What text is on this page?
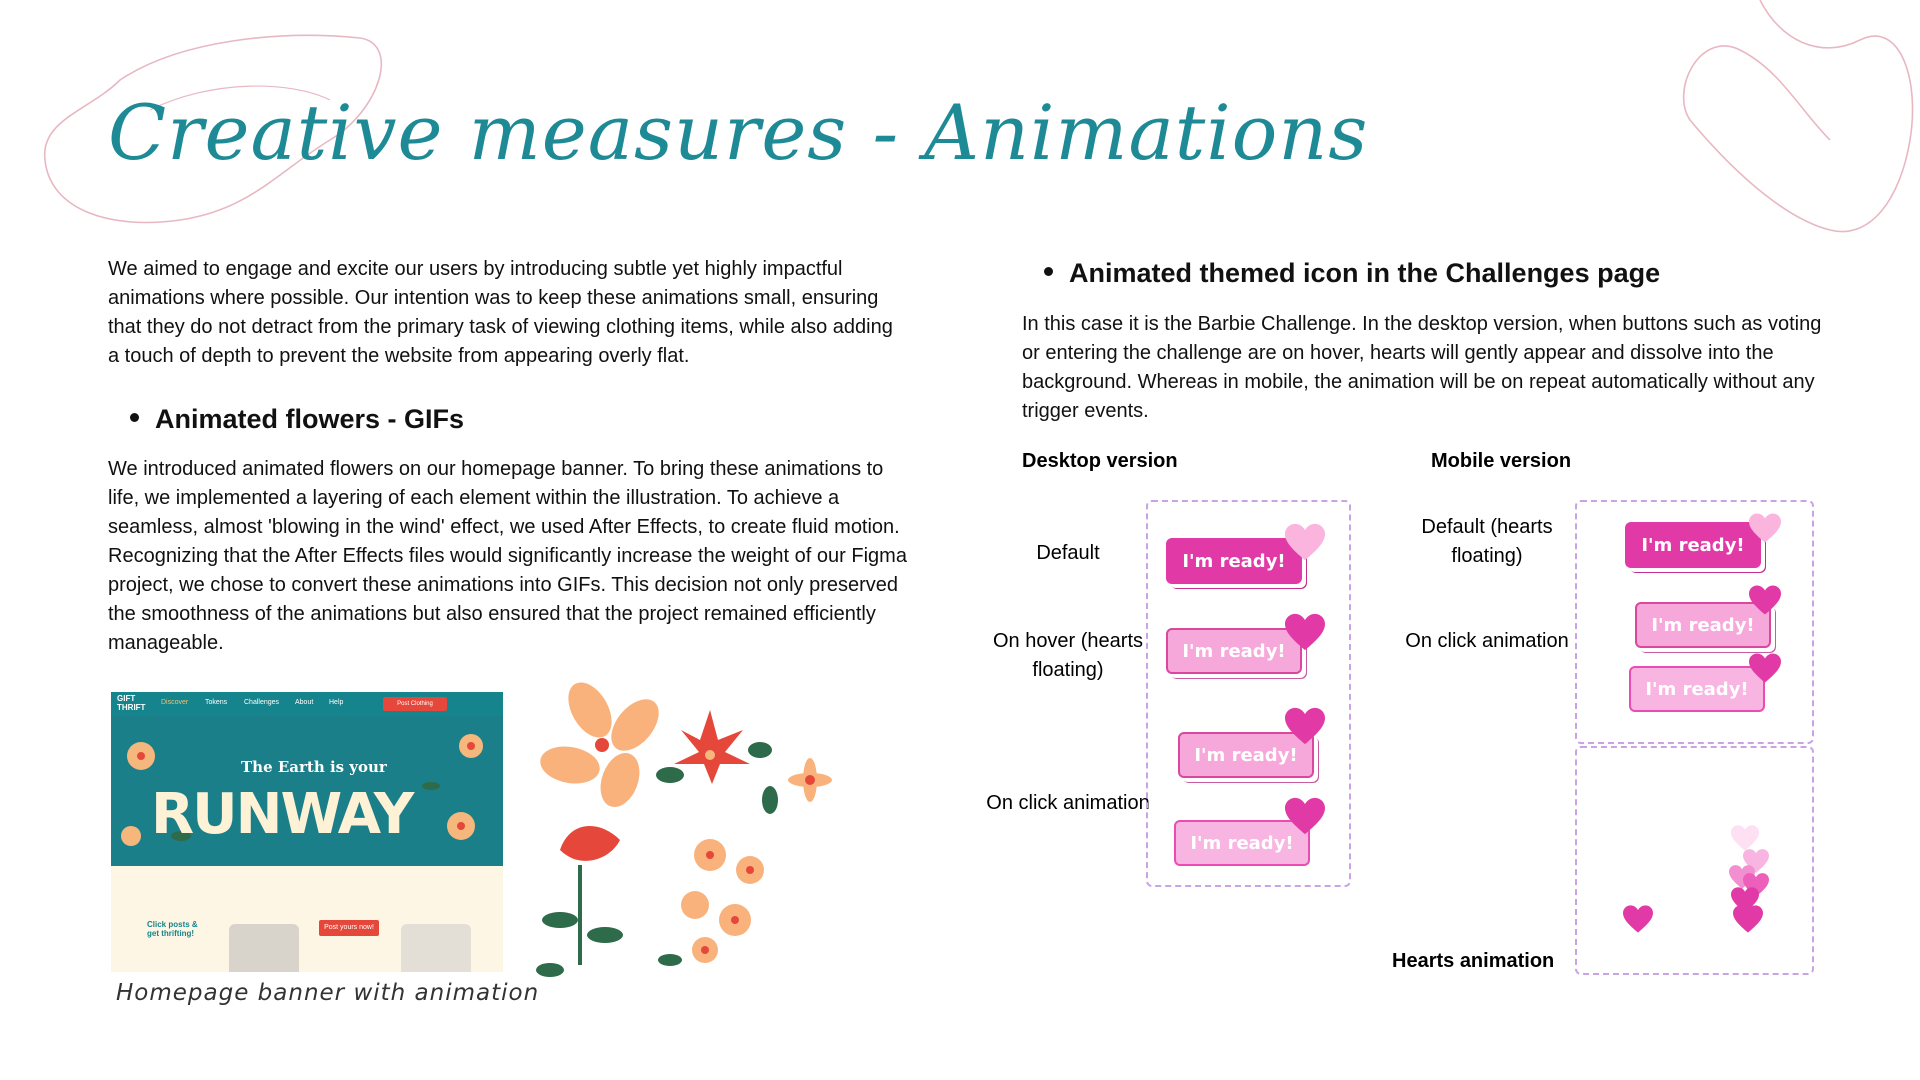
Creative measures - Animations
We aimed to engage and excite our users by introducing subtle yet highly impactful animations where possible. Our intention was to keep these animations small, ensuring that they do not detract from the primary task of viewing clothing items, while also adding a touch of depth to prevent the website from appearing overly flat.
Animated flowers - GIFs
We introduced animated flowers on our homepage banner. To bring these animations to life, we implemented a layering of each element within the illustration. To achieve a seamless, almost 'blowing in the wind' effect, we used After Effects, to create fluid motion. Recognizing that the After Effects files would significantly increase the weight of our Figma project, we chose to convert these animations into GIFs. This decision not only preserved the smoothness of the animations but also ensured that the project remained efficiently manageable.
GIFT THRIFT
Discover Tokens Challenges About Help	Post Clothing
The Earth is your
RUNWAY
Click posts & get thrifting!
Post yours now!
Homepage banner with animation
Animated themed icon in the Challenges page
In this case it is the Barbie Challenge. In the desktop version, when buttons such as voting or entering the challenge are on hover, hearts will gently appear and dissolve into the background. Whereas in mobile, the animation will be on repeat automatically without any trigger events.
Desktop version	Mobile version
Default
On hover (hearts floating)
On click animation
I'm ready!
I'm ready!
I'm ready!
I'm ready!
Default (hearts floating)
On click animation
I'm ready!
I'm ready!
I'm ready!
Hearts animation
